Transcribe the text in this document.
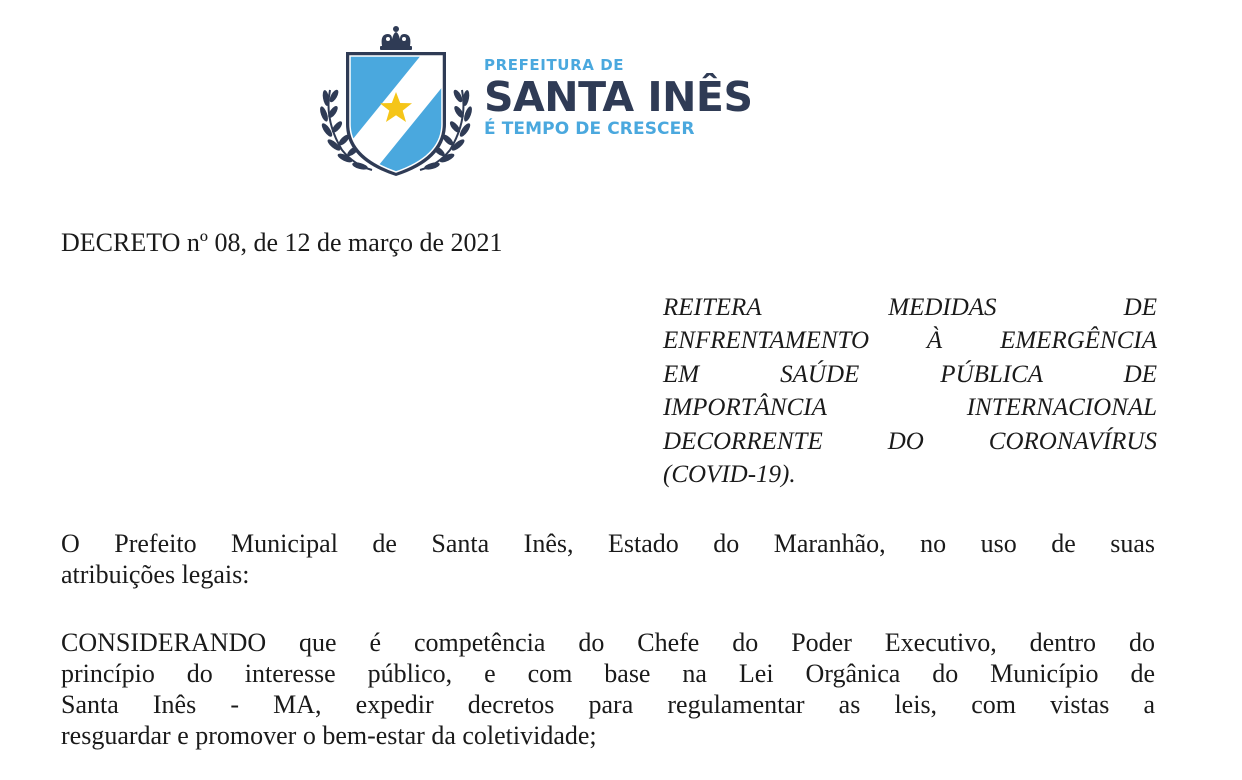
PREFEITURA DE
SANTA INÊS
É TEMPO DE CRESCER
DECRETO nº 08, de 12 de março de 2021
REITERA MEDIDAS DE
ENFRENTAMENTO À EMERGÊNCIA
EM SAÚDE PÚBLICA DE
IMPORTÂNCIA INTERNACIONAL
DECORRENTE DO CORONAVÍRUS
(COVID-19).
O Prefeito Municipal de Santa Inês, Estado do Maranhão, no uso de suas
atribuições legais:
CONSIDERANDO que é competência do Chefe do Poder Executivo, dentro do
princípio do interesse público, e com base na Lei Orgânica do Município de
Santa Inês - MA, expedir decretos para regulamentar as leis, com vistas a
resguardar e promover o bem-estar da coletividade;
